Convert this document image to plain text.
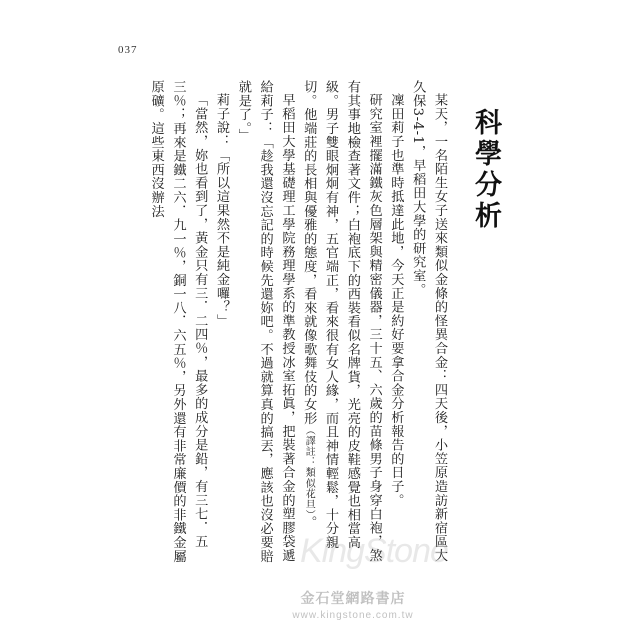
037
科學分析

某天，一名陌生女子送來類似金條的怪異合金：四天後，小笠原造訪新宿區大久保3-4-1，早稻田大學的研究室。

凜田莉子也準時抵達此地，今天正是約好要拿合金分析報告的日子。

研究室裡擺滿鐵灰色層架與精密儀器，三十五、六歲的苗條男子身穿白袍，煞有其事地檢查著文件；白袍底下的西裝看似名牌貨，光亮的皮鞋感覺也相當高級。男子雙眼炯炯有神，五官端正，看來很有女人緣，而且神情輕鬆，十分親切。他端莊的長相與優雅的態度，看來就像歌舞伎的女形（譯註：類似花旦）。

早稻田大學基礎理工學院務理學系的準教授冰室拓眞，把裝著合金的塑膠袋遞給莉子：「趁我還沒忘記的時候先還妳吧。不過就算真的搞丟，應該也沒必要賠就是了。」

莉子說：「所以這果然不是純金囉？」

「當然，妳也看到了，黃金只有三．二四％，最多的成分是鉛，有三七．五三％；再來是鐵二六．九一％，銅一八．六五％，另外還有非常廉價的非鐵金屬原礦。這些東西沒辦法

KingStone
金石堂網路書店
www.kingstone.com.tw
